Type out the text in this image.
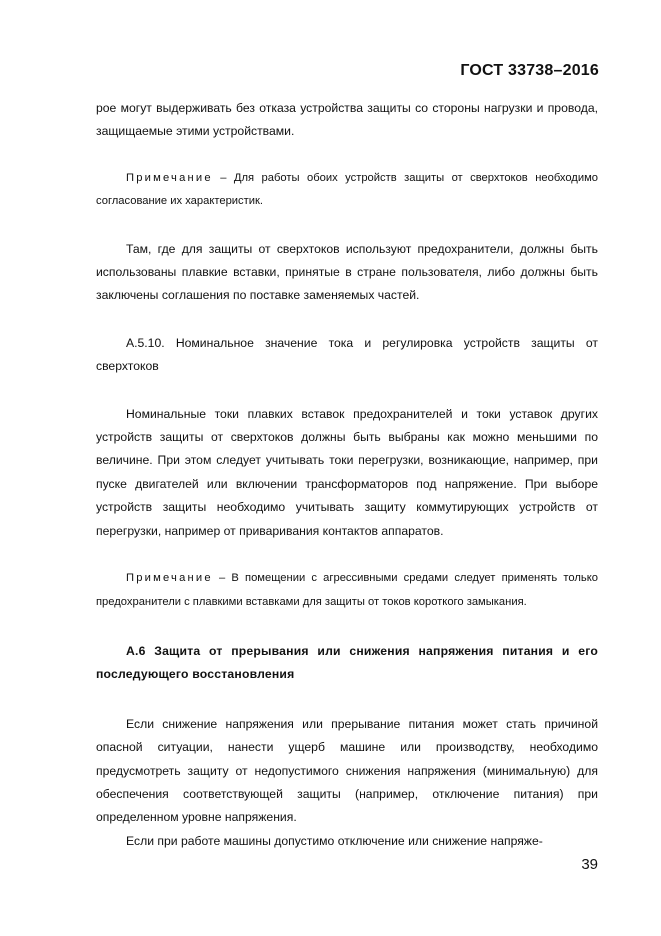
ГОСТ 33738–2016

рое могут выдерживать без отказа устройства защиты со стороны нагрузки и провода, защищаемые этими устройствами.

Примечание – Для работы обоих устройств защиты от сверхтоков необходимо согласование их характеристик.

Там, где для защиты от сверхтоков используют предохранители, должны быть использованы плавкие вставки, принятые в стране пользователя, либо должны быть заключены соглашения по поставке заменяемых частей.

А.5.10. Номинальное значение тока и регулировка устройств защиты от сверхтоков

Номинальные токи плавких вставок предохранителей и токи уставок других устройств защиты от сверхтоков должны быть выбраны как можно меньшими по величине. При этом следует учитывать токи перегрузки, возникающие, например, при пуске двигателей или включении трансформаторов под напряжение. При выборе устройств защиты необходимо учитывать защиту коммутирующих устройств от перегрузки, например от приваривания контактов аппаратов.

Примечание – В помещении с агрессивными средами следует применять только предохранители с плавкими вставками для защиты от токов короткого замыкания.

А.6 Защита от прерывания или снижения напряжения питания и его последующего восстановления

Если снижение напряжения или прерывание питания может стать причиной опасной ситуации, нанести ущерб машине или производству, необходимо предусмотреть защиту от недопустимого снижения напряжения (минимальную) для обеспечения соответствующей защиты (например, отключение питания) при определенном уровне напряжения.

Если при работе машины допустимо отключение или снижение напряже-

39
